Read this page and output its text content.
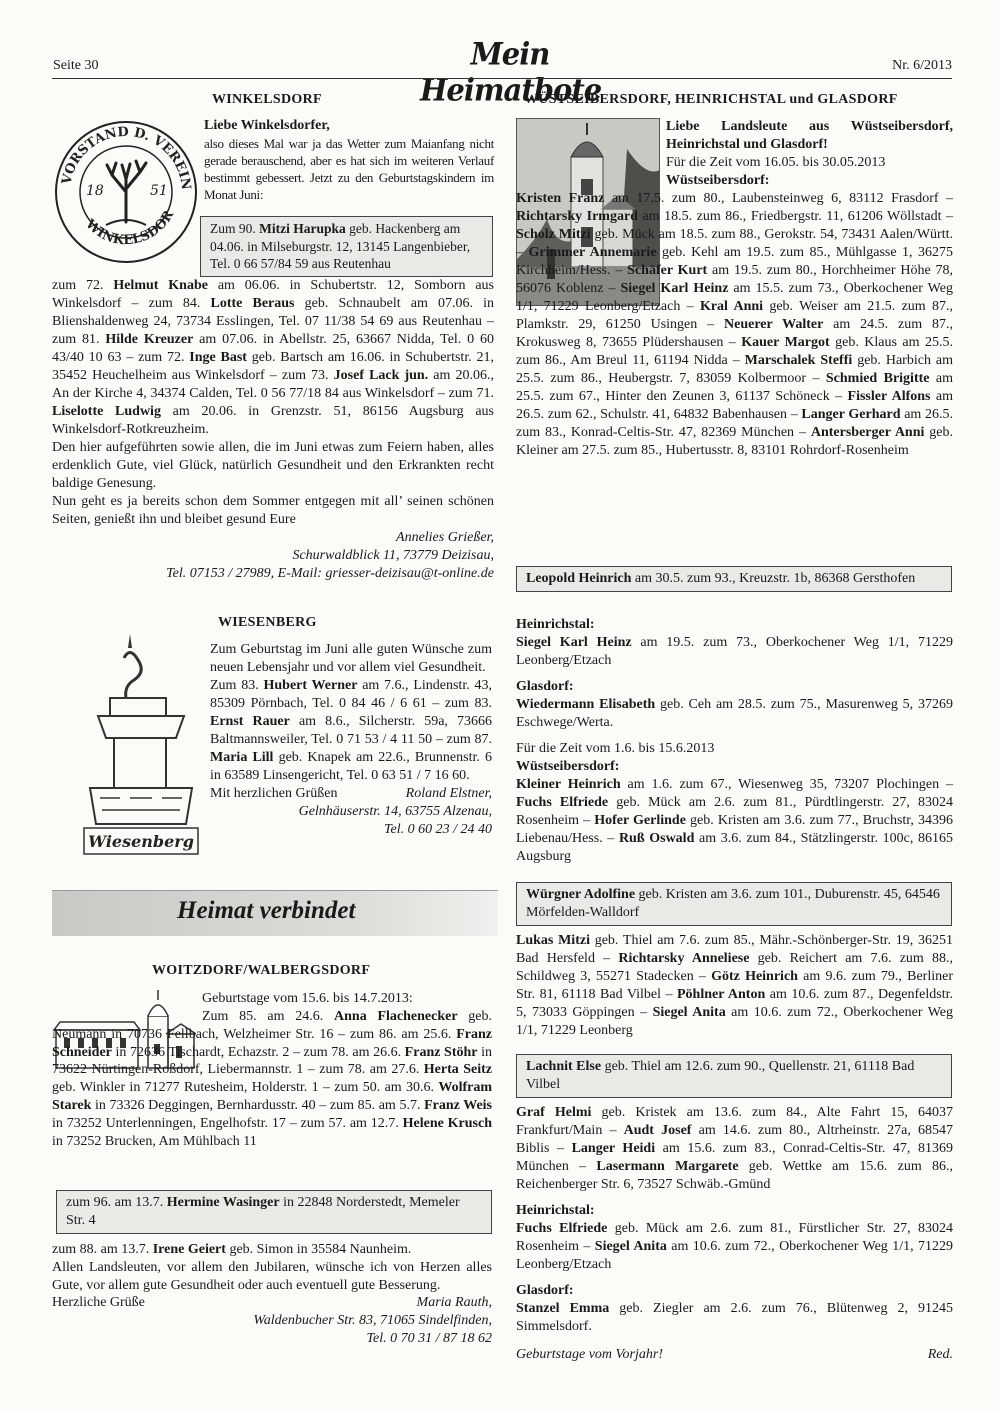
Seite 30	Mein Heimatbote
Nr. 6/2013
WINKELSDORF
VORSTAND D. VEREIN
WINKELSDOR
18	51

Liebe Winkelsdorfer,

also dieses Mal war ja das Wetter zum Maianfang nicht gerade berauschend, aber es hat sich im weiteren Verlauf bestimmt gebessert. Jetzt zu den Geburtstagskindern im Monat Juni:

Zum 90. Mitzi Harupka geb. Hackenberg am 04.06. in Milseburgstr. 12, 13145 Langenbieber, Tel. 0 66 57/84 59 aus Reutenhau

zum 72. Helmut Knabe am 06.06. in Schubertstr. 12, Somborn aus Winkelsdorf – zum 84. Lotte Beraus geb. Schnaubelt am 07.06. in Blienshaldenweg 24, 73734 Esslingen, Tel. 07 11/38 54 69 aus Reutenhau – zum 81. Hilde Kreuzer am 07.06. in Abellstr. 25, 63667 Nidda, Tel. 0 60 43/40 10 63 – zum 72. Inge Bast geb. Bartsch am 16.06. in Schubertstr. 21, 35452 Heuchelheim aus Winkelsdorf – zum 73. Josef Lack jun. am 20.06., An der Kirche 4, 34374 Calden, Tel. 0 56 77/18 84 aus Winkelsdorf – zum 71. Liselotte Ludwig am 20.06. in Grenzstr. 51, 86156 Augsburg aus Winkelsdorf-Rotkreuzheim.

Den hier aufgeführten sowie allen, die im Juni etwas zum Feiern haben, alles erdenklich Gute, viel Glück, natürlich Gesundheit und den Erkrankten recht baldige Genesung.

Nun geht es ja bereits schon dem Sommer entgegen mit all’ seinen schönen Seiten, genießt ihn und bleibet gesund Eure

Annelies Grießer,

Schurwaldblick 11, 73779 Deizisau,

Tel. 07153 / 27989, E-Mail: griesser-deizisau@t-online.de

WIESENBERG
Wiesenberg

Zum Geburtstag im Juni alle guten Wünsche zum neuen Lebensjahr und vor allem viel Gesundheit.

Zum 83. Hubert Werner am 7.6., Lindenstr. 43, 85309 Pörnbach, Tel. 0 84 46 / 6 61 – zum 83. Ernst Rauer am 8.6., Silcherstr. 59a, 73666 Baltmannsweiler, Tel. 0 71 53 / 4 11 50 – zum 87. Maria Lill geb. Knapek am 22.6., Brunnenstr. 6 in 63589 Linsengericht, Tel. 0 63 51 / 7 16 60.

Mit herzlichen Grüßen	Roland Elstner,

Gelnhäuserstr. 14, 63755 Alzenau,

Tel. 0 60 23 / 24 40

Heimat verbindet
WOITZDORF/WALBERGSDORF

Geburtstage vom 15.6. bis 14.7.2013:

Zum 85. am 24.6. Anna Flachenecker geb. Neumann in 70736 Fellbach, Welzheimer Str. 16 – zum 86. am 25.6. Franz Schneider in 72636 Tischardt, Echazstr. 2 – zum 78. am 26.6. Franz Stöhr in 73622 Nürtingen-Roßdorf, Liebermannstr. 1 – zum 78. am 27.6. Herta Seitz geb. Winkler in 71277 Rutesheim, Holderstr. 1 – zum 50. am 30.6. Wolfram Starek in 73326 Deggingen, Bernhardusstr. 40 – zum 85. am 5.7. Franz Weis in 73252 Unterlenningen, Engelhofstr. 17 – zum 57. am 12.7. Helene Krusch in 73252 Brucken, Am Mühlbach 11

zum 96. am 13.7. Hermine Wasinger in 22848 Norderstedt, Memeler Str. 4

zum 88. am 13.7. Irene Geiert geb. Simon in 35584 Naunheim.

Allen Landsleuten, vor allem den Jubilaren, wünsche ich von Herzen alles Gute, vor allem gute Gesundheit oder auch eventuell gute Besserung.

Herzliche Grüße	Maria Rauth,

Waldenbucher Str. 83, 71065 Sindelfinden,

Tel. 0 70 31 / 87 18 62

WÜSTSEIBERSDORF, HEINRICHSTAL und GLASDORF

Liebe Landsleute aus Wüstseibersdorf, Heinrichstal und Glasdorf!

Für die Zeit vom 16.05. bis 30.05.2013

Wüstseibersdorf:

Kristen Franz am 17.5. zum 80., Laubensteinweg 6, 83112 Frasdorf – Richtarsky Irmgard am 18.5. zum 86., Friedbergstr. 11, 61206 Wöllstadt – Scholz Mitzi geb. Mück am 18.5. zum 88., Gerokstr. 54, 73431 Aalen/Württ. – Grimmer Annemarie geb. Kehl am 19.5. zum 85., Mühlgasse 1, 36275 Kirchheim/Hess. – Schäfer Kurt am 19.5. zum 80., Horchheimer Höhe 78, 56076 Koblenz – Siegel Karl Heinz am 15.5. zum 73., Oberkochener Weg 1/1, 71229 Leonberg/Etzach – Kral Anni geb. Weiser am 21.5. zum 87., Plamkstr. 29, 61250 Usingen – Neuerer Walter am 24.5. zum 87., Krokusweg 8, 73655 Plüdershausen – Kauer Margot geb. Klaus am 25.5. zum 86., Am Breul 11, 61194 Nidda – Marschalek Steffi geb. Harbich am 25.5. zum 86., Heubergstr. 7, 83059 Kolbermoor – Schmied Brigitte am 25.5. zum 67., Hinter den Zeunen 3, 61137 Schöneck – Fissler Alfons am 26.5. zum 62., Schulstr. 41, 64832 Babenhausen – Langer Gerhard am 26.5. zum 83., Konrad-Celtis-Str. 47, 82369 München – Antersberger Anni geb. Kleiner am 27.5. zum 85., Hubertusstr. 8, 83101 Rohrdorf-Rosenheim

Leopold Heinrich am 30.5. zum 93., Kreuzstr. 1b, 86368 Gersthofen

Heinrichstal:

Siegel Karl Heinz am 19.5. zum 73., Oberkochener Weg 1/1, 71229 Leonberg/Etzach

Glasdorf:

Wiedermann Elisabeth geb. Ceh am 28.5. zum 75., Masurenweg 5, 37269 Eschwege/Werta.

Für die Zeit vom 1.6. bis 15.6.2013

Wüstseibersdorf:

Kleiner Heinrich am 1.6. zum 67., Wiesenweg 35, 73207 Plochingen – Fuchs Elfriede geb. Mück am 2.6. zum 81., Pürdtlingerstr. 27, 83024 Rosenheim – Hofer Gerlinde geb. Kristen am 3.6. zum 77., Bruchstr, 34396 Liebenau/Hess. – Ruß Oswald am 3.6. zum 84., Stätzlingerstr. 100c, 86165 Augsburg

Würgner Adolfine geb. Kristen am 3.6. zum 101., Duburenstr. 45, 64546 Mörfelden-Walldorf

Lukas Mitzi geb. Thiel am 7.6. zum 85., Mähr.-Schönberger-Str. 19, 36251 Bad Hersfeld – Richtarsky Anneliese geb. Reichert am 7.6. zum 88., Schildweg 3, 55271 Stadecken – Götz Heinrich am 9.6. zum 79., Berliner Str. 81, 61118 Bad Vilbel – Pöhlner Anton am 10.6. zum 87., Degenfeldstr. 5, 73033 Göppingen – Siegel Anita am 10.6. zum 72., Oberkochener Weg 1/1, 71229 Leonberg

Lachnit Else geb. Thiel am 12.6. zum 90., Quellenstr. 21, 61118 Bad Vilbel

Graf Helmi geb. Kristek am 13.6. zum 84., Alte Fahrt 15, 64037 Frankfurt/Main – Audt Josef am 14.6. zum 80., Altrheinstr. 27a, 68547 Biblis – Langer Heidi am 15.6. zum 83., Conrad-Celtis-Str. 47, 81369 München – Lasermann Margarete geb. Wettke am 15.6. zum 86., Reichenberger Str. 6, 73527 Schwäb.-Gmünd

Heinrichstal:

Fuchs Elfriede geb. Mück am 2.6. zum 81., Fürstlicher Str. 27, 83024 Rosenheim – Siegel Anita am 10.6. zum 72., Oberkochener Weg 1/1, 71229 Leonberg/Etzach

Glasdorf:

Stanzel Emma geb. Ziegler am 2.6. zum 76., Blütenweg 2, 91245 Simmelsdorf.

Geburtstage vom Vorjahr!	Red.
